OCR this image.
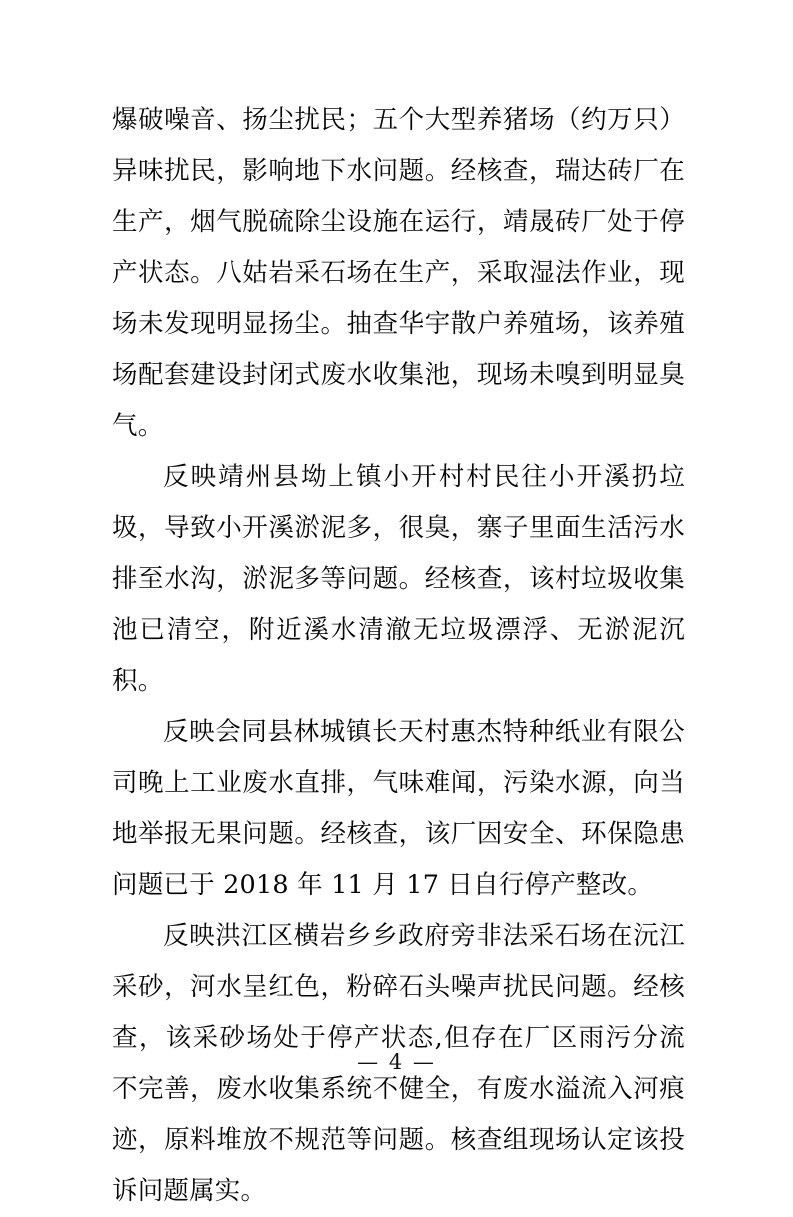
爆破噪音、扬尘扰民；五个大型养猪场（约万只）异味扰民，影响地下水问题。经核查，瑞达砖厂在生产，烟气脱硫除尘设施在运行，靖晟砖厂处于停产状态。八姑岩采石场在生产，采取湿法作业，现场未发现明显扬尘。抽查华宇散户养殖场，该养殖场配套建设封闭式废水收集池，现场未嗅到明显臭气。

反映靖州县坳上镇小开村村民往小开溪扔垃圾，导致小开溪淤泥多，很臭，寨子里面生活污水排至水沟，淤泥多等问题。经核查，该村垃圾收集池已清空，附近溪水清澈无垃圾漂浮、无淤泥沉积。

反映会同县林城镇长天村惠杰特种纸业有限公司晚上工业废水直排，气味难闻，污染水源，向当地举报无果问题。经核查，该厂因安全、环保隐患问题已于 2018 年 11 月 17 日自行停产整改。

反映洪江区横岩乡乡政府旁非法采石场在沅江采砂，河水呈红色，粉碎石头噪声扰民问题。经核查，该采砂场处于停产状态,但存在厂区雨污分流不完善，废水收集系统不健全，有废水溢流入河痕迹，原料堆放不规范等问题。核查组现场认定该投诉问题属实。

— 4 —
